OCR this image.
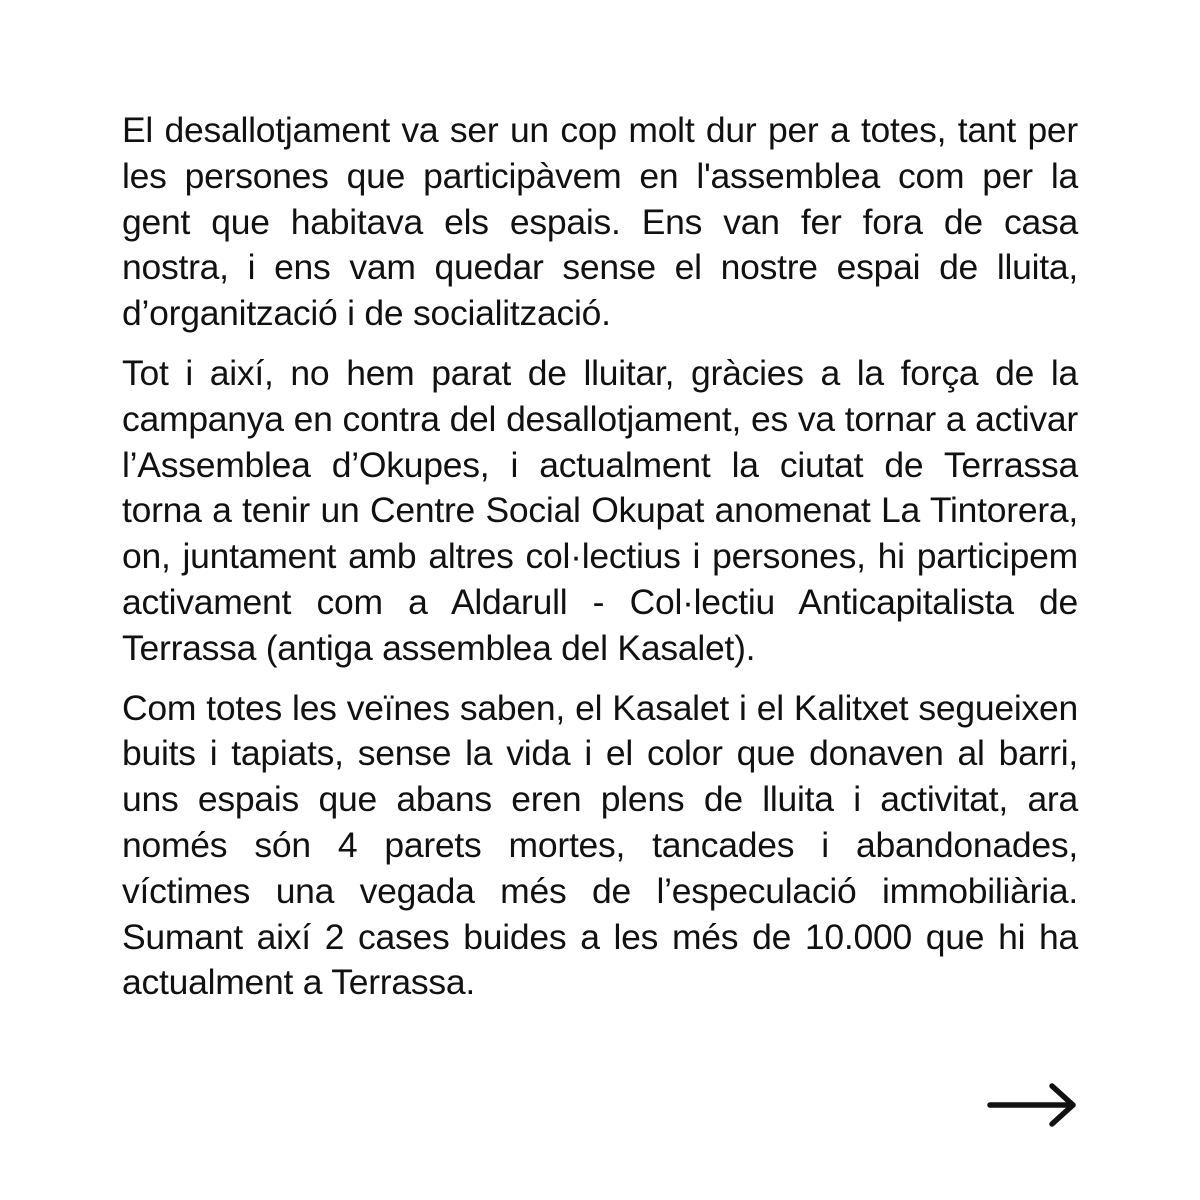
El desallotjament va ser un cop molt dur per a totes, tant per les persones que participàvem en l'assemblea com per la gent que habitava els espais. Ens van fer fora de casa nostra, i ens vam quedar sense el nostre espai de lluita, d’organització i de socialització.

Tot i així, no hem parat de lluitar, gràcies a la força de la campanya en contra del desallotjament, es va tornar a activar l’Assemblea d’Okupes, i actualment la ciutat de Terrassa torna a tenir un Centre Social Okupat anomenat La Tintorera, on, juntament amb altres col·lectius i persones, hi participem activament com a Aldarull - Col·lectiu Anticapitalista de Terrassa (antiga assemblea del Kasalet).

Com totes les veïnes saben, el Kasalet i el Kalitxet segueixen buits i tapiats, sense la vida i el color que donaven al barri, uns espais que abans eren plens de lluita i activitat, ara només són 4 parets mortes, tancades i abandonades, víctimes una vegada més de l’especulació immobiliària. Sumant així 2 cases buides a les més de 10.000 que hi ha actualment a Terrassa.
